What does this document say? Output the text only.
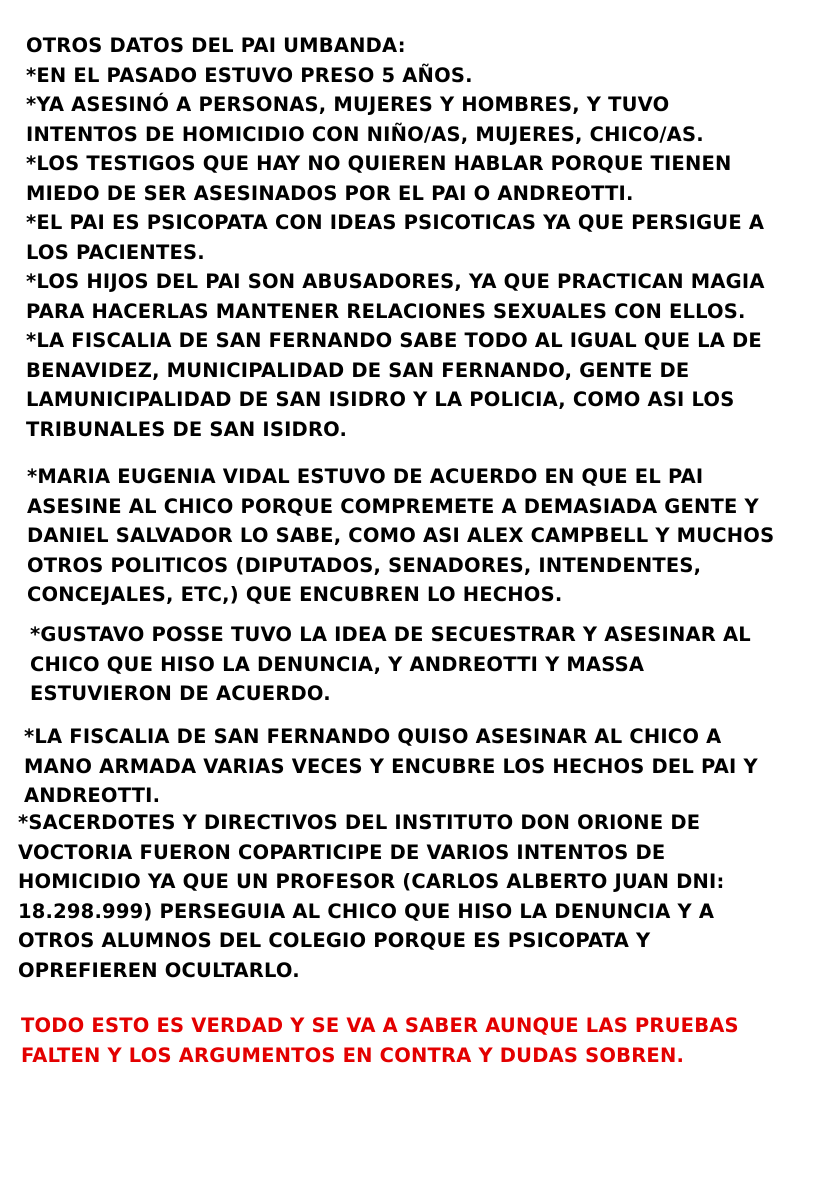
OTROS DATOS DEL PAI UMBANDA:
*EN EL PASADO ESTUVO PRESO 5 AÑOS.
*YA ASESINÓ A PERSONAS, MUJERES Y HOMBRES, Y TUVO
INTENTOS DE HOMICIDIO CON NIÑO/AS, MUJERES, CHICO/AS.
*LOS TESTIGOS QUE HAY NO QUIEREN HABLAR PORQUE TIENEN
MIEDO DE SER ASESINADOS POR EL PAI O ANDREOTTI.
*EL PAI ES PSICOPATA CON IDEAS PSICOTICAS YA QUE PERSIGUE A
LOS PACIENTES.
*LOS HIJOS DEL PAI SON ABUSADORES, YA QUE PRACTICAN MAGIA
PARA HACERLAS MANTENER RELACIONES SEXUALES CON ELLOS.
*LA FISCALIA DE SAN FERNANDO SABE TODO AL IGUAL QUE LA DE
BENAVIDEZ, MUNICIPALIDAD DE SAN FERNANDO, GENTE DE
LAMUNICIPALIDAD DE SAN ISIDRO Y LA POLICIA, COMO ASI LOS
TRIBUNALES DE SAN ISIDRO.
*MARIA EUGENIA VIDAL ESTUVO DE ACUERDO EN QUE EL PAI
ASESINE AL CHICO PORQUE COMPREMETE A DEMASIADA GENTE Y
DANIEL SALVADOR LO SABE, COMO ASI ALEX CAMPBELL Y MUCHOS
OTROS POLITICOS (DIPUTADOS, SENADORES, INTENDENTES,
CONCEJALES, ETC,) QUE ENCUBREN LO HECHOS.
*GUSTAVO POSSE TUVO LA IDEA DE SECUESTRAR Y ASESINAR AL
CHICO QUE HISO LA DENUNCIA, Y ANDREOTTI Y MASSA
ESTUVIERON DE ACUERDO.
*LA FISCALIA DE SAN FERNANDO QUISO ASESINAR AL CHICO A
MANO ARMADA VARIAS VECES Y ENCUBRE LOS HECHOS DEL PAI Y
ANDREOTTI.
*SACERDOTES Y DIRECTIVOS DEL INSTITUTO DON ORIONE DE
VOCTORIA FUERON COPARTICIPE DE VARIOS INTENTOS DE
HOMICIDIO YA QUE UN PROFESOR (CARLOS ALBERTO JUAN DNI:
18.298.999) PERSEGUIA AL CHICO QUE HISO LA DENUNCIA Y A
OTROS ALUMNOS DEL COLEGIO PORQUE ES PSICOPATA Y
OPREFIEREN OCULTARLO.
TODO ESTO ES VERDAD Y SE VA A SABER AUNQUE LAS PRUEBAS
FALTEN Y LOS ARGUMENTOS EN CONTRA Y DUDAS SOBREN.
